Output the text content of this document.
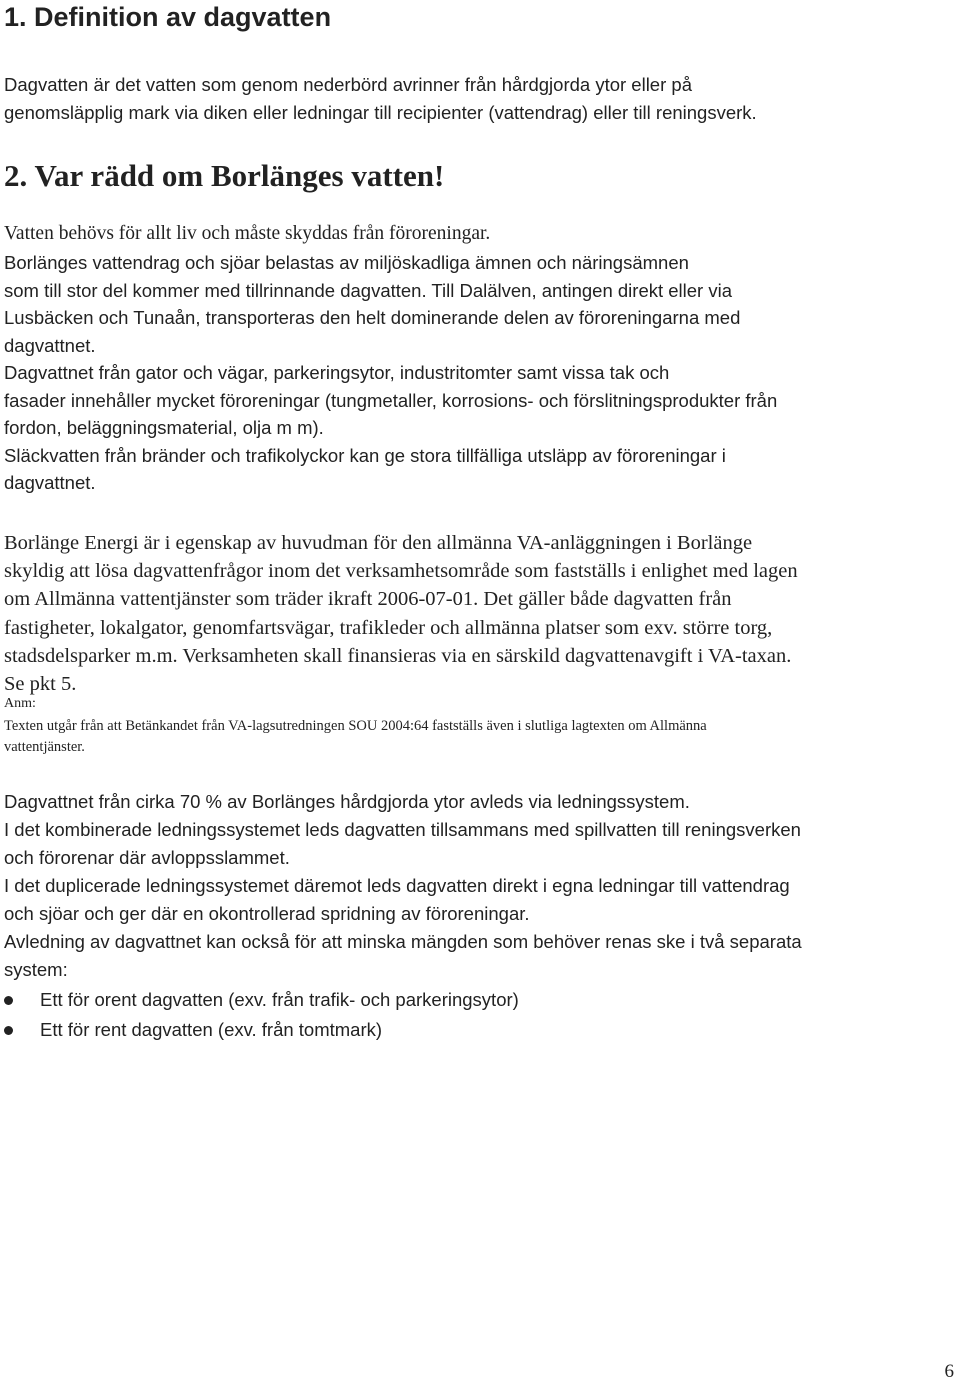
1. Definition av dagvatten

Dagvatten är det vatten som genom nederbörd avrinner från hårdgjorda ytor eller på
genomsläpplig mark via diken eller ledningar till recipienter (vattendrag) eller till reningsverk.

2. Var rädd om Borlänges vatten!

Vatten behövs för allt liv och måste skyddas från föroreningar.

Borlänges vattendrag och sjöar belastas av miljöskadliga ämnen och näringsämnen
som till stor del kommer med tillrinnande dagvatten. Till Dalälven, antingen direkt eller via
Lusbäcken och Tunaån, transporteras den helt dominerande delen av föroreningarna med
dagvattnet.
Dagvattnet från gator och vägar, parkeringsytor, industritomter samt vissa tak och
fasader innehåller mycket föroreningar (tungmetaller, korrosions- och förslitningsprodukter från
fordon, beläggningsmaterial, olja m m).
Släckvatten från bränder och trafikolyckor kan ge stora tillfälliga utsläpp av föroreningar i
dagvattnet.

Borlänge Energi är i egenskap av huvudman för den allmänna VA-anläggningen i Borlänge
skyldig att lösa dagvattenfrågor inom det verksamhetsområde som fastställs i enlighet med lagen
om Allmänna vattentjänster som träder ikraft 2006-07-01. Det gäller både dagvatten från
fastigheter, lokalgator, genomfartsvägar, trafikleder och allmänna platser som exv. större torg,
stadsdelsparker m.m. Verksamheten skall finansieras via en särskild dagvattenavgift i VA-taxan.
Se pkt 5.

Anm:

Texten utgår från att Betänkandet från VA-lagsutredningen SOU 2004:64 fastställs även i slutliga lagtexten om Allmänna
vattentjänster.

Dagvattnet från cirka 70 % av Borlänges hårdgjorda ytor avleds via ledningssystem.
I det kombinerade ledningssystemet leds dagvatten tillsammans med spillvatten till reningsverken
och förorenar där avloppsslammet.
I det duplicerade ledningssystemet däremot leds dagvatten direkt i egna ledningar till vattendrag
och sjöar och ger där en okontrollerad spridning av föroreningar.
Avledning av dagvattnet kan också för att minska mängden som behöver renas ske i två separata
system:

Ett för orent dagvatten (exv. från trafik- och parkeringsytor)
Ett för rent dagvatten (exv. från tomtmark)

6
